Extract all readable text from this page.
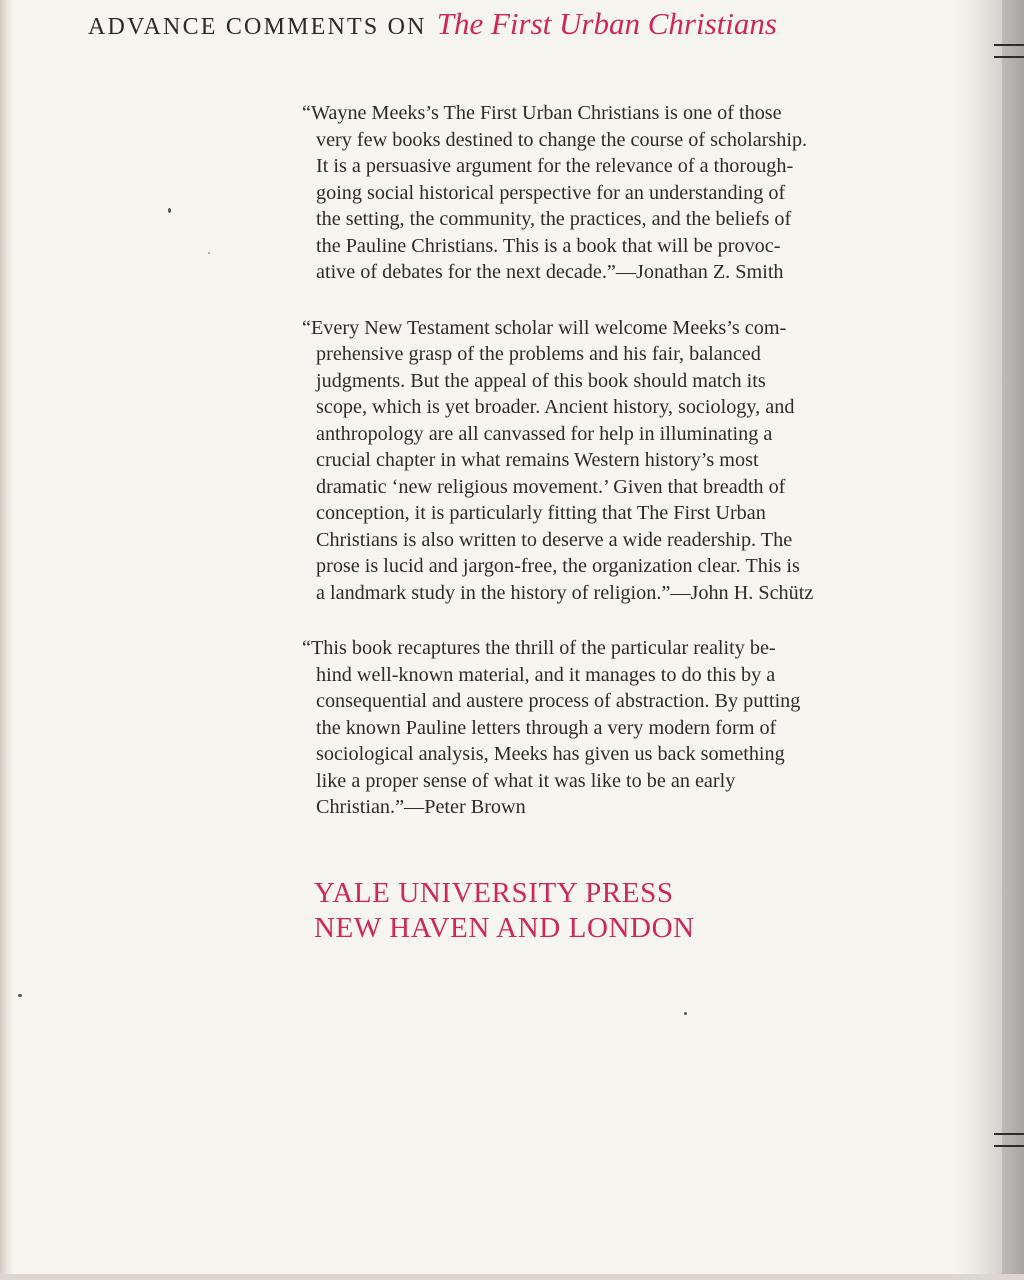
ADVANCE COMMENTS ON The First Urban Christians
“Wayne Meeks’s The First Urban Christians is one of those
very few books destined to change the course of scholarship.
It is a persuasive argument for the relevance of a thorough-
going social historical perspective for an understanding of
the setting, the community, the practices, and the beliefs of
the Pauline Christians. This is a book that will be provoc-
ative of debates for the next decade.”—Jonathan Z. Smith
“Every New Testament scholar will welcome Meeks’s com-
prehensive grasp of the problems and his fair, balanced
judgments. But the appeal of this book should match its
scope, which is yet broader. Ancient history, sociology, and
anthropology are all canvassed for help in illuminating a
crucial chapter in what remains Western history’s most
dramatic ‘new religious movement.’ Given that breadth of
conception, it is particularly fitting that The First Urban
Christians is also written to deserve a wide readership. The
prose is lucid and jargon-free, the organization clear. This is
a landmark study in the history of religion.”—John H. Schütz
“This book recaptures the thrill of the particular reality be-
hind well-known material, and it manages to do this by a
consequential and austere process of abstraction. By putting
the known Pauline letters through a very modern form of
sociological analysis, Meeks has given us back something
like a proper sense of what it was like to be an early
Christian.”—Peter Brown
YALE UNIVERSITY PRESS
NEW HAVEN AND LONDON
